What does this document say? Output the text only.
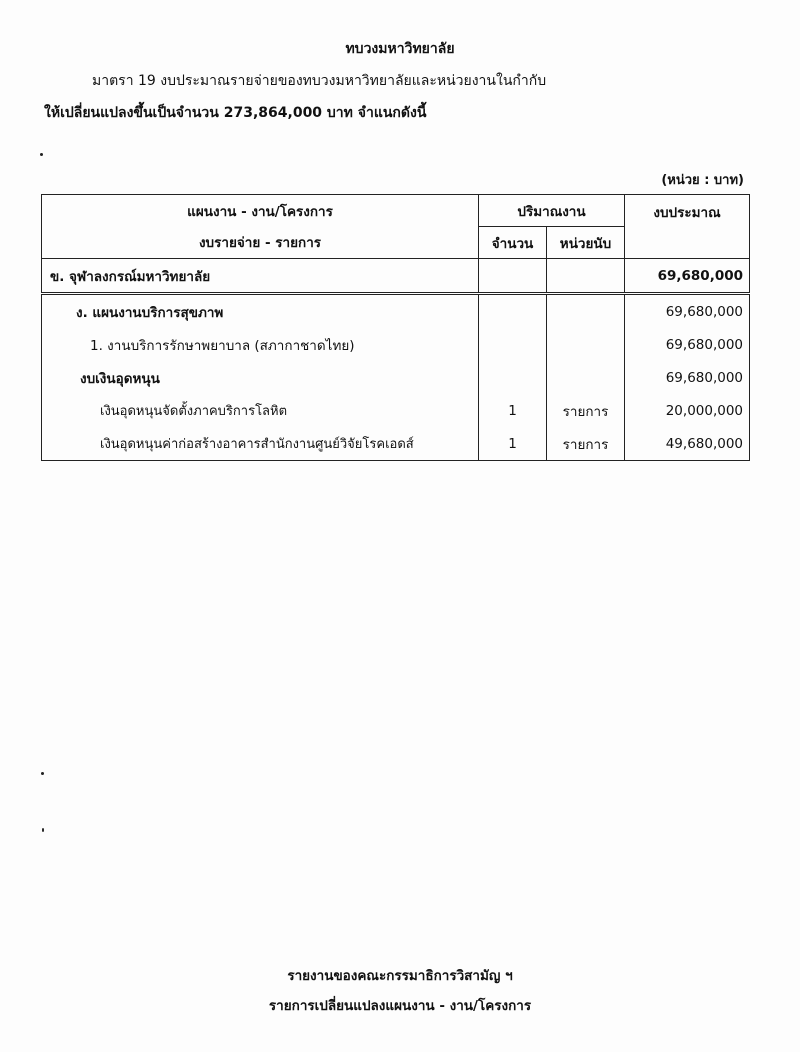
ทบวงมหาวิทยาลัย
มาตรา 19 งบประมาณรายจ่ายของทบวงมหาวิทยาลัยและหน่วยงานในกำกับ
ให้เปลี่ยนแปลงขึ้นเป็นจำนวน 273,864,000 บาท จำแนกดังนี้
(หน่วย : บาท)
แผนงาน - งาน/โครงการ	ปริมาณงาน		งบประมาณ
งบรายจ่าย - รายการ	จำนวน	หน่วยนับ	
ข. จุฬาลงกรณ์มหาวิทยาลัย			69,680,000
ง. แผนงานบริการสุขภาพ			69,680,000
1. งานบริการรักษาพยาบาล (สภากาชาดไทย)			69,680,000
งบเงินอุดหนุน			69,680,000
เงินอุดหนุนจัดตั้งภาคบริการโลหิต	1	รายการ	20,000,000
เงินอุดหนุนค่าก่อสร้างอาคารสำนักงานศูนย์วิจัยโรคเอดส์	1	รายการ	49,680,000
รายงานของคณะกรรมาธิการวิสามัญ ฯ
รายการเปลี่ยนแปลงแผนงาน - งาน/โครงการ
